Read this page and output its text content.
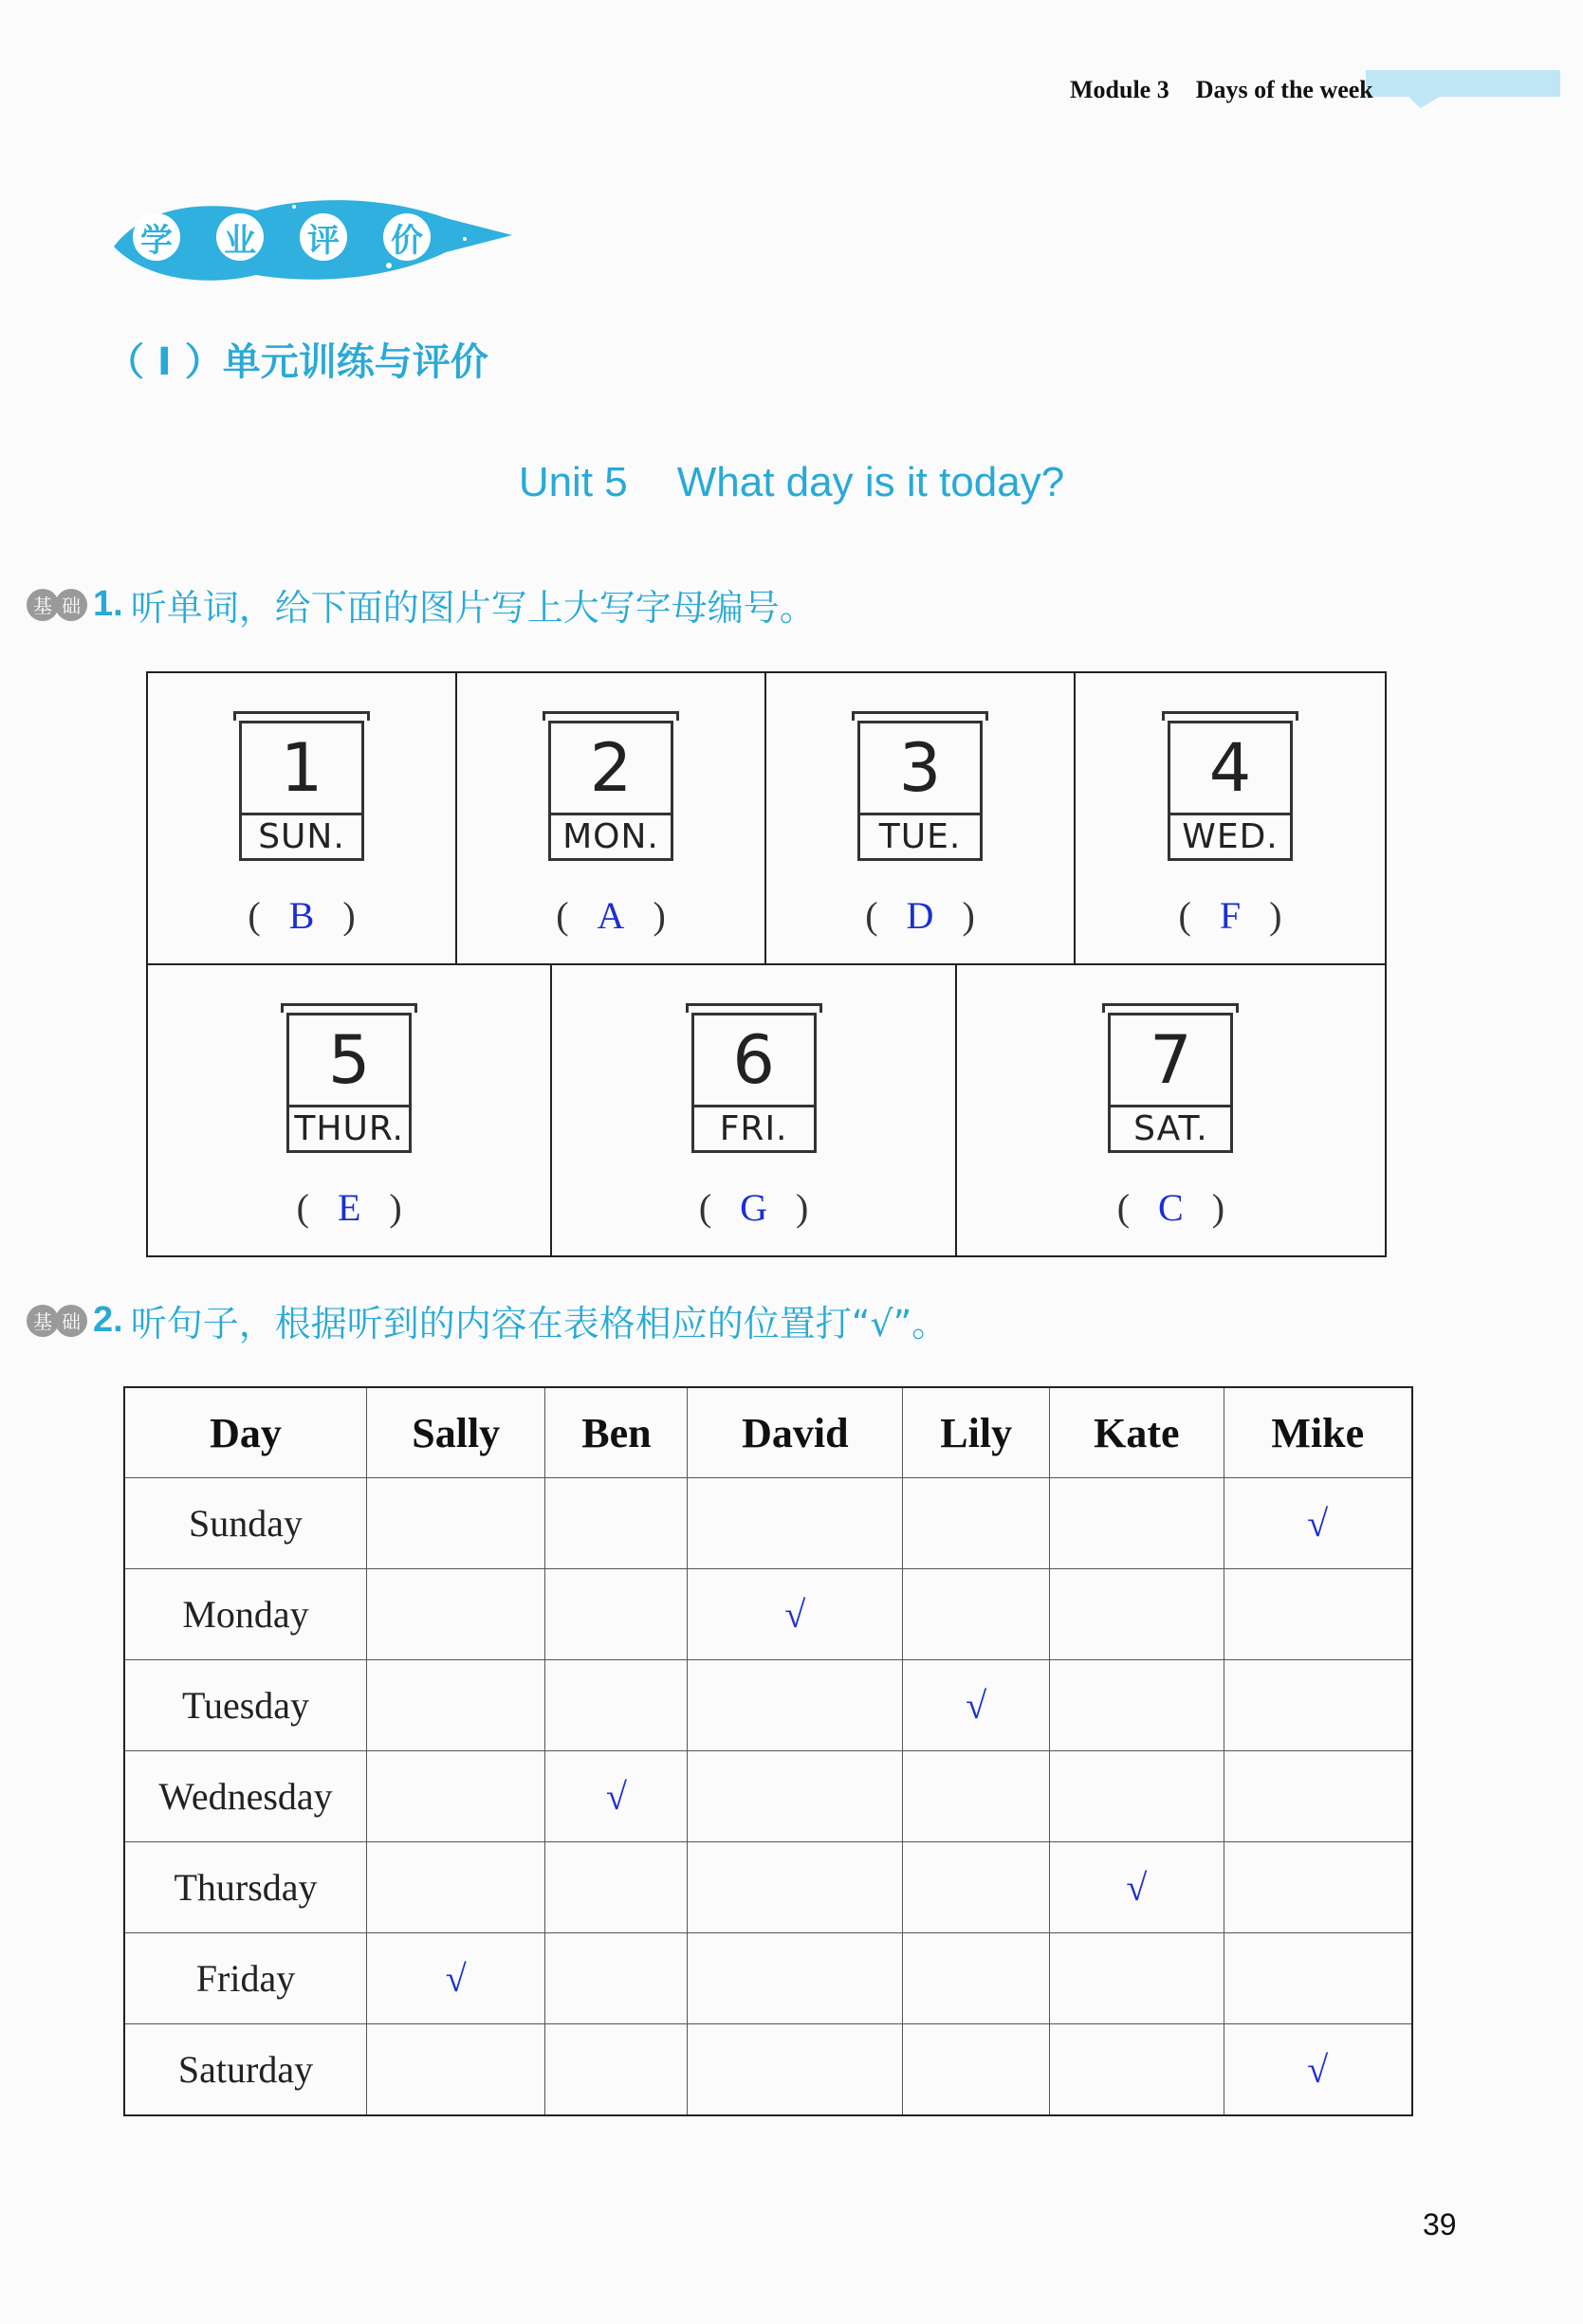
Module 3 Days of the week
学 业 评 价
（ Ⅰ ）单元训练与评价
Unit 5 What day is it today?
基 础 1. 听单词，给下面的图片写上大写字母编号。
1
SUN.
( B )
2
MON.
( A )
3
TUE.
( D )
4
WED.
( F )
5
THUR.
( E )
6
FRI.
( G )
7
SAT.
( C )
基 础 2. 听句子，根据听到的内容在表格相应的位置打“√”。
Day	Sally	Ben	David	Lily	Kate	Mike
Sunday						√
Monday			√			
Tuesday				√		
Wednesday		√				
Thursday					√	
Friday	√					
Saturday						√
39
